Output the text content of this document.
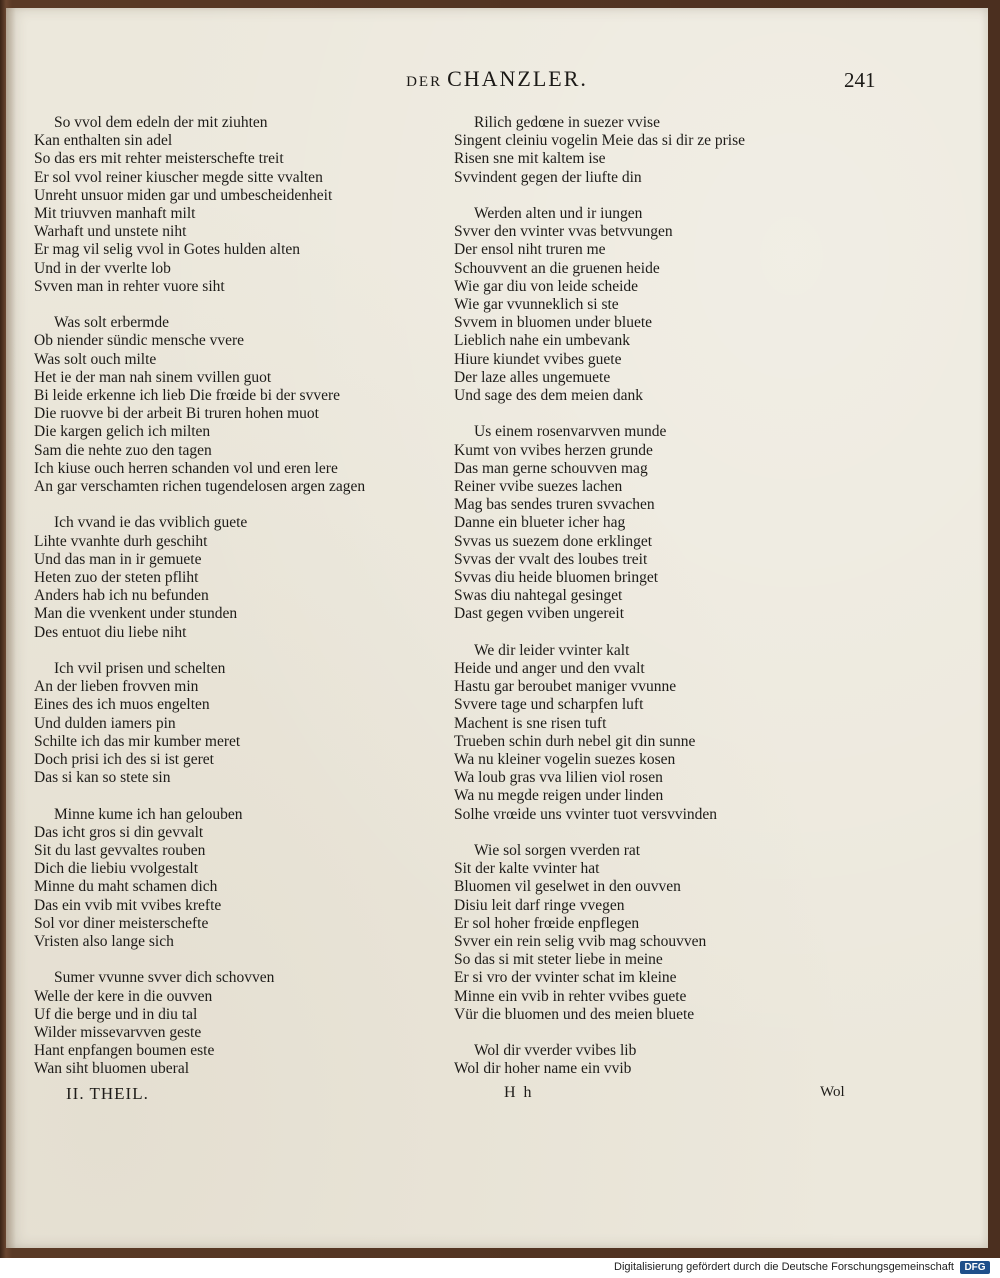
DER CHANZLER.	241
So vvol dem edeln der mit ziuhten
Kan enthalten sin adel
So das ers mit rehter meisterschefte treit
Er sol vvol reiner kiuscher megde sitte vvalten
Unreht unsuor miden gar und umbescheidenheit
Mit triuvven manhaft milt
Warhaft und unstete niht
Er mag vil selig vvol in Gotes hulden alten
Und in der vverlte lob
Svven man in rehter vuore siht
Was solt erbermde
Ob niender sündic mensche vvere
Was solt ouch milte
Het ie der man nah sinem vvillen guot
Bi leide erkenne ich lieb Die frœide bi der svvere
Die ruovve bi der arbeit Bi truren hohen muot
Die kargen gelich ich milten
Sam die nehte zuo den tagen
Ich kiuse ouch herren schanden vol und eren lere
An gar verschamten richen tugendelosen argen zagen
Ich vvand ie das vviblich guete
Lihte vvanhte durh geschiht
Und das man in ir gemuete
Heten zuo der steten pfliht
Anders hab ich nu befunden
Man die vvenkent under stunden
Des entuot diu liebe niht
Ich vvil prisen und schelten
An der lieben frovven min
Eines des ich muos engelten
Und dulden iamers pin
Schilte ich das mir kumber meret
Doch prisi ich des si ist geret
Das si kan so stete sin
Minne kume ich han gelouben
Das icht gros si din gevvalt
Sit du last gevvaltes rouben
Dich die liebiu vvolgestalt
Minne du maht schamen dich
Das ein vvib mit vvibes krefte
Sol vor diner meisterschefte
Vristen also lange sich
Sumer vvunne svver dich schovven
Welle der kere in die ouvven
Uf die berge und in diu tal
Wilder missevarvven geste
Hant enpfangen boumen este
Wan siht bluomen uberal
Rilich gedœne in suezer vvise
Singent cleiniu vogelin Meie das si dir ze prise
Risen sne mit kaltem ise
Svvindent gegen der liufte din
Werden alten und ir iungen
Svver den vvinter vvas betvvungen
Der ensol niht truren me
Schouvvent an die gruenen heide
Wie gar diu von leide scheide
Wie gar vvunneklich si ste
Svvem in bluomen under bluete
Lieblich nahe ein umbevank
Hiure kiundet vvibes guete
Der laze alles ungemuete
Und sage des dem meien dank
Us einem rosenvarvven munde
Kumt von vvibes herzen grunde
Das man gerne schouvven mag
Reiner vvibe suezes lachen
Mag bas sendes truren svvachen
Danne ein blueter icher hag
Svvas us suezem done erklinget
Svvas der vvalt des loubes treit
Svvas diu heide bluomen bringet
Swas diu nahtegal gesinget
Dast gegen vviben ungereit
We dir leider vvinter kalt
Heide und anger und den vvalt
Hastu gar beroubet maniger vvunne
Svvere tage und scharpfen luft
Machent is sne risen tuft
Trueben schin durh nebel git din sunne
Wa nu kleiner vogelin suezes kosen
Wa loub gras vva lilien viol rosen
Wa nu megde reigen under linden
Solhe vrœide uns vvinter tuot versvvinden
Wie sol sorgen vverden rat
Sit der kalte vvinter hat
Bluomen vil geselwet in den ouvven
Disiu leit darf ringe vvegen
Er sol hoher frœide enpflegen
Svver ein rein selig vvib mag schouvven
So das si mit steter liebe in meine
Er si vro der vvinter schat im kleine
Minne ein vvib in rehter vvibes guete
Vür die bluomen und des meien bluete
Wol dir vverder vvibes lib
Wol dir hoher name ein vvib
II. THEIL.	H h	Wol
Digitalisierung gefördert durch die Deutsche Forschungsgemeinschaft	DFG
